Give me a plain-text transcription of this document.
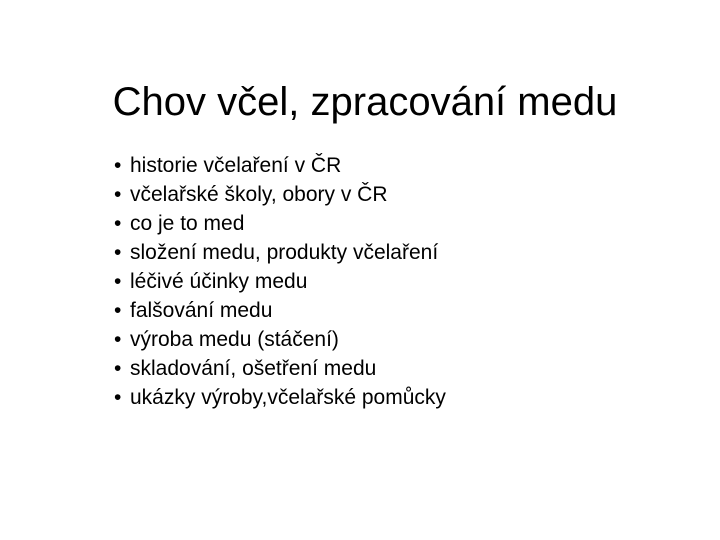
Chov včel, zpracování medu
• historie včelaření v ČR
• včelařské školy, obory v ČR
• co je to med
• složení medu, produkty včelaření
• léčivé účinky medu
• falšování medu
• výroba medu (stáčení)
• skladování, ošetření medu
• ukázky výroby,včelařské pomůcky
